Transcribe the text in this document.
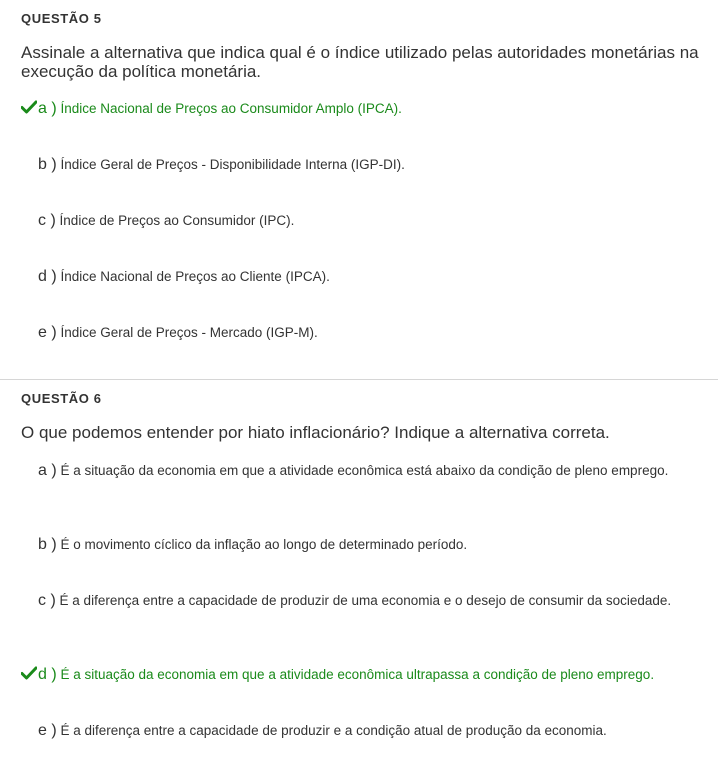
QUESTÃO 5

Assinale a alternativa que indica qual é o índice utilizado pelas autoridades monetárias na execução da política monetária.

a ) Índice Nacional de Preços ao Consumidor Amplo (IPCA).
b ) Índice Geral de Preços - Disponibilidade Interna (IGP-DI).
c ) Índice de Preços ao Consumidor (IPC).
d ) Índice Nacional de Preços ao Cliente (IPCA).
e ) Índice Geral de Preços - Mercado (IGP-M).
QUESTÃO 6

O que podemos entender por hiato inflacionário? Indique a alternativa correta.

a ) É a situação da economia em que a atividade econômica está abaixo da condição de pleno emprego.
b ) É o movimento cíclico da inflação ao longo de determinado período.
c ) É a diferença entre a capacidade de produzir de uma economia e o desejo de consumir da sociedade.
d ) É a situação da economia em que a atividade econômica ultrapassa a condição de pleno emprego.
e ) É a diferença entre a capacidade de produzir e a condição atual de produção da economia.
